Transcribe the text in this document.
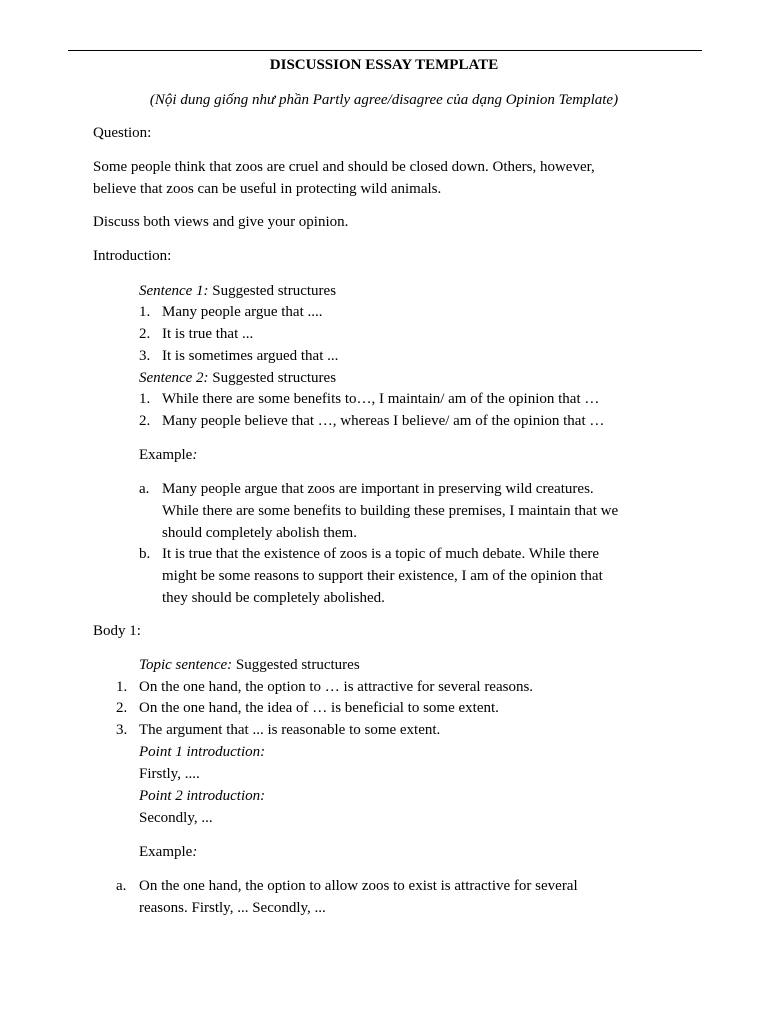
DISCUSSION ESSAY TEMPLATE
(Nội dung giống như phần Partly agree/disagree của dạng Opinion Template)
Question:
Some people think that zoos are cruel and should be closed down. Others, however,
believe that zoos can be useful in protecting wild animals.
Discuss both views and give your opinion.
Introduction:
Sentence 1: Suggested structures
1. Many people argue that ....
2. It is true that ...
3. It is sometimes argued that ...
Sentence 2: Suggested structures
1. While there are some benefits to…, I maintain/ am of the opinion that …
2. Many people believe that …, whereas I believe/ am of the opinion that …
Example:
a. Many people argue that zoos are important in preserving wild creatures.
While there are some benefits to building these premises, I maintain that we
should completely abolish them.
b. It is true that the existence of zoos is a topic of much debate. While there
might be some reasons to support their existence, I am of the opinion that
they should be completely abolished.
Body 1:
Topic sentence: Suggested structures
1. On the one hand, the option to … is attractive for several reasons.
2. On the one hand, the idea of … is beneficial to some extent.
3. The argument that ... is reasonable to some extent.
Point 1 introduction:
Firstly, ....
Point 2 introduction:
Secondly, ...
Example:
a. On the one hand, the option to allow zoos to exist is attractive for several
reasons. Firstly, ... Secondly, ...
